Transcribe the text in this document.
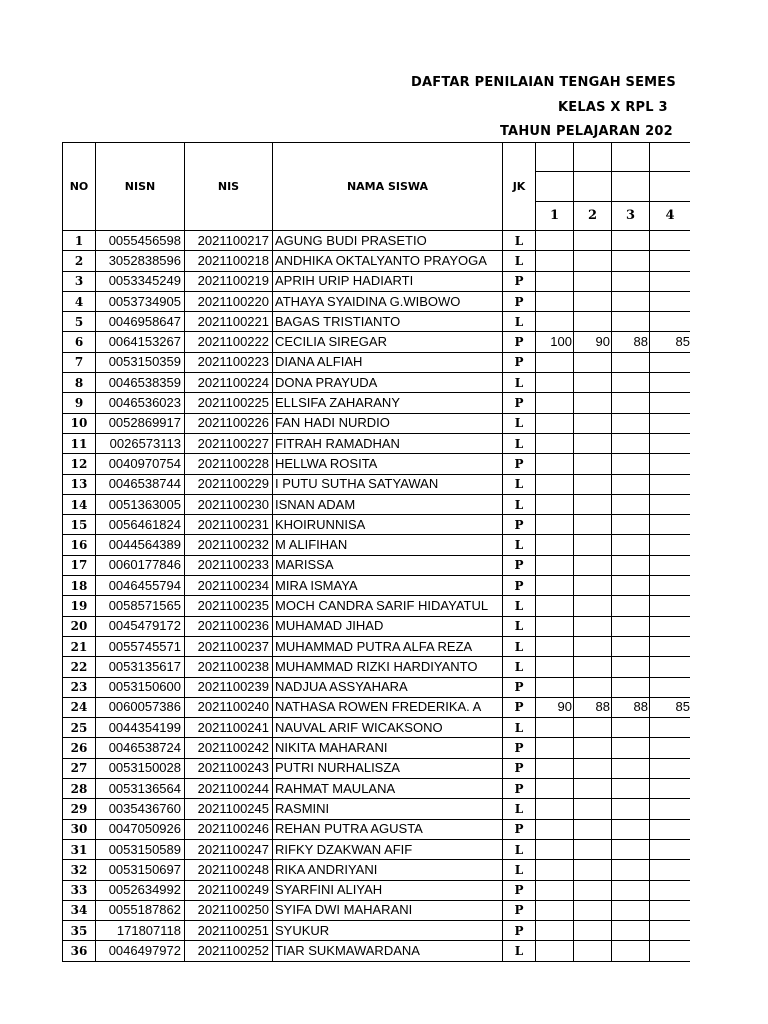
DAFTAR PENILAIAN TENGAH SEMES
KELAS X RPL 3
TAHUN PELAJARAN 202
NO	NISN	NIS	NAMA SISWA	JK				

					1	2	3	4
1	0055456598	2021100217	AGUNG BUDI PRASETIO	L				
2	3052838596	2021100218	ANDHIKA OKTALYANTO PRAYOGA	L				
3	0053345249	2021100219	APRIH URIP HADIARTI	P				
4	0053734905	2021100220	ATHAYA SYAIDINA G.WIBOWO	P				
5	0046958647	2021100221	BAGAS TRISTIANTO	L				
6	0064153267	2021100222	CECILIA SIREGAR	P	100	90	88	85
7	0053150359	2021100223	DIANA ALFIAH	P				
8	0046538359	2021100224	DONA PRAYUDA	L				
9	0046536023	2021100225	ELLSIFA ZAHARANY	P				
10	0052869917	2021100226	FAN HADI NURDIO	L				
11	0026573113	2021100227	FITRAH RAMADHAN	L				
12	0040970754	2021100228	HELLWA ROSITA	P				
13	0046538744	2021100229	I PUTU SUTHA SATYAWAN	L				
14	0051363005	2021100230	ISNAN ADAM	L				
15	0056461824	2021100231	KHOIRUNNISA	P				
16	0044564389	2021100232	M ALIFIHAN	L				
17	0060177846	2021100233	MARISSA	P				
18	0046455794	2021100234	MIRA ISMAYA	P				
19	0058571565	2021100235	MOCH CANDRA SARIF HIDAYATUL	L				
20	0045479172	2021100236	MUHAMAD JIHAD	L				
21	0055745571	2021100237	MUHAMMAD PUTRA ALFA REZA	L				
22	0053135617	2021100238	MUHAMMAD RIZKI HARDIYANTO	L				
23	0053150600	2021100239	NADJUA ASSYAHARA	P				
24	0060057386	2021100240	NATHASA ROWEN FREDERIKA. A	P	90	88	88	85
25	0044354199	2021100241	NAUVAL ARIF WICAKSONO	L				
26	0046538724	2021100242	NIKITA MAHARANI	P				
27	0053150028	2021100243	PUTRI NURHALISZA	P				
28	0053136564	2021100244	RAHMAT MAULANA	P				
29	0035436760	2021100245	RASMINI	L				
30	0047050926	2021100246	REHAN PUTRA AGUSTA	P				
31	0053150589	2021100247	RIFKY DZAKWAN AFIF	L				
32	0053150697	2021100248	RIKA ANDRIYANI	L				
33	0052634992	2021100249	SYARFINI ALIYAH	P				
34	0055187862	2021100250	SYIFA DWI MAHARANI	P				
35	171807118	2021100251	SYUKUR	P				
36	0046497972	2021100252	TIAR SUKMAWARDANA	L				
